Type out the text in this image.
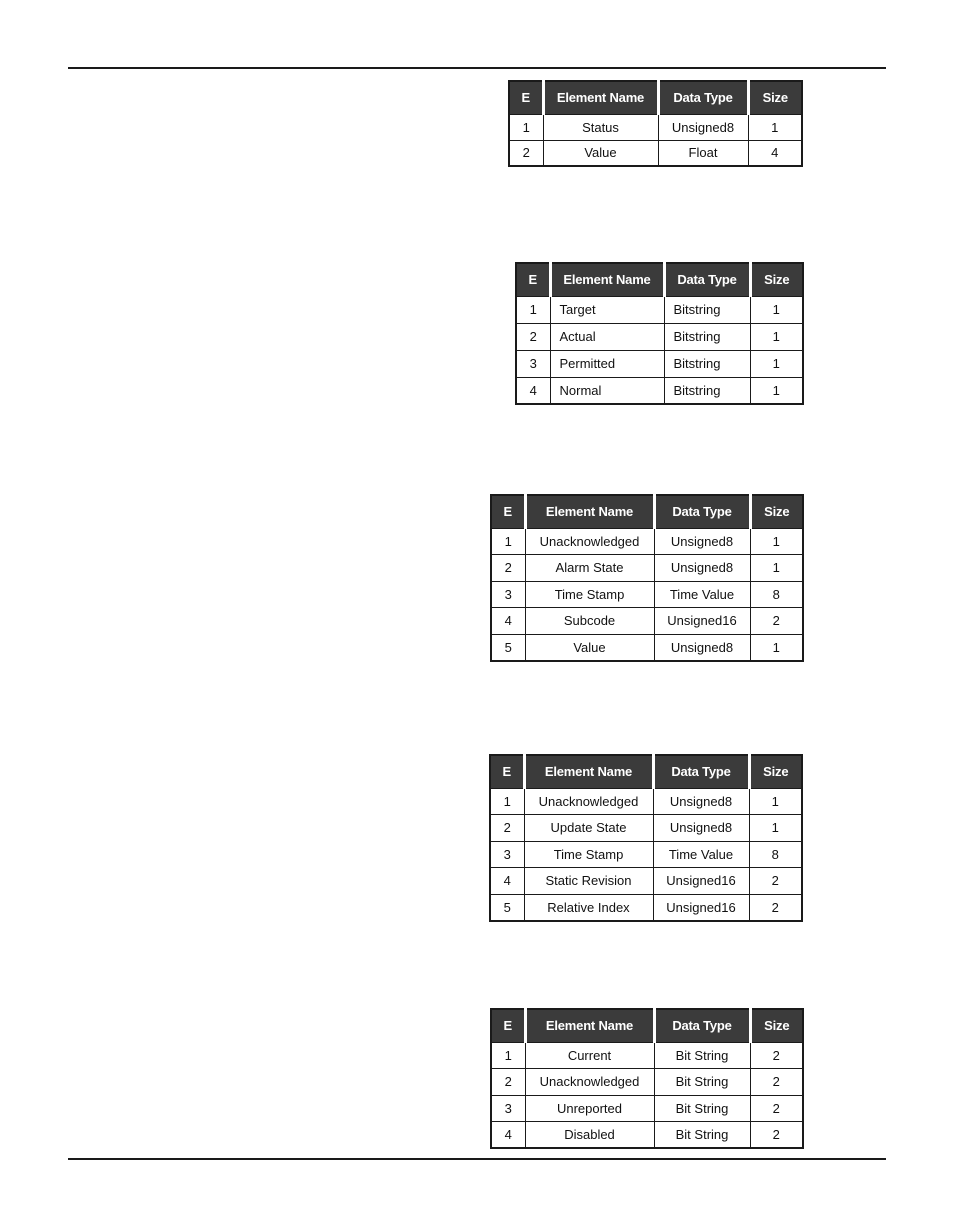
E	Element Name	Data Type	Size
1	Status	Unsigned8	1
2	Value	Float	4
E	Element Name	Data Type	Size
1	Target	Bitstring	1
2	Actual	Bitstring	1
3	Permitted	Bitstring	1
4	Normal	Bitstring	1
E	Element Name	Data Type	Size
1	Unacknowledged	Unsigned8	1
2	Alarm State	Unsigned8	1
3	Time Stamp	Time Value	8
4	Subcode	Unsigned16	2
5	Value	Unsigned8	1
E	Element Name	Data Type	Size
1	Unacknowledged	Unsigned8	1
2	Update State	Unsigned8	1
3	Time Stamp	Time Value	8
4	Static Revision	Unsigned16	2
5	Relative Index	Unsigned16	2
E	Element Name	Data Type	Size
1	Current	Bit String	2
2	Unacknowledged	Bit String	2
3	Unreported	Bit String	2
4	Disabled	Bit String	2
